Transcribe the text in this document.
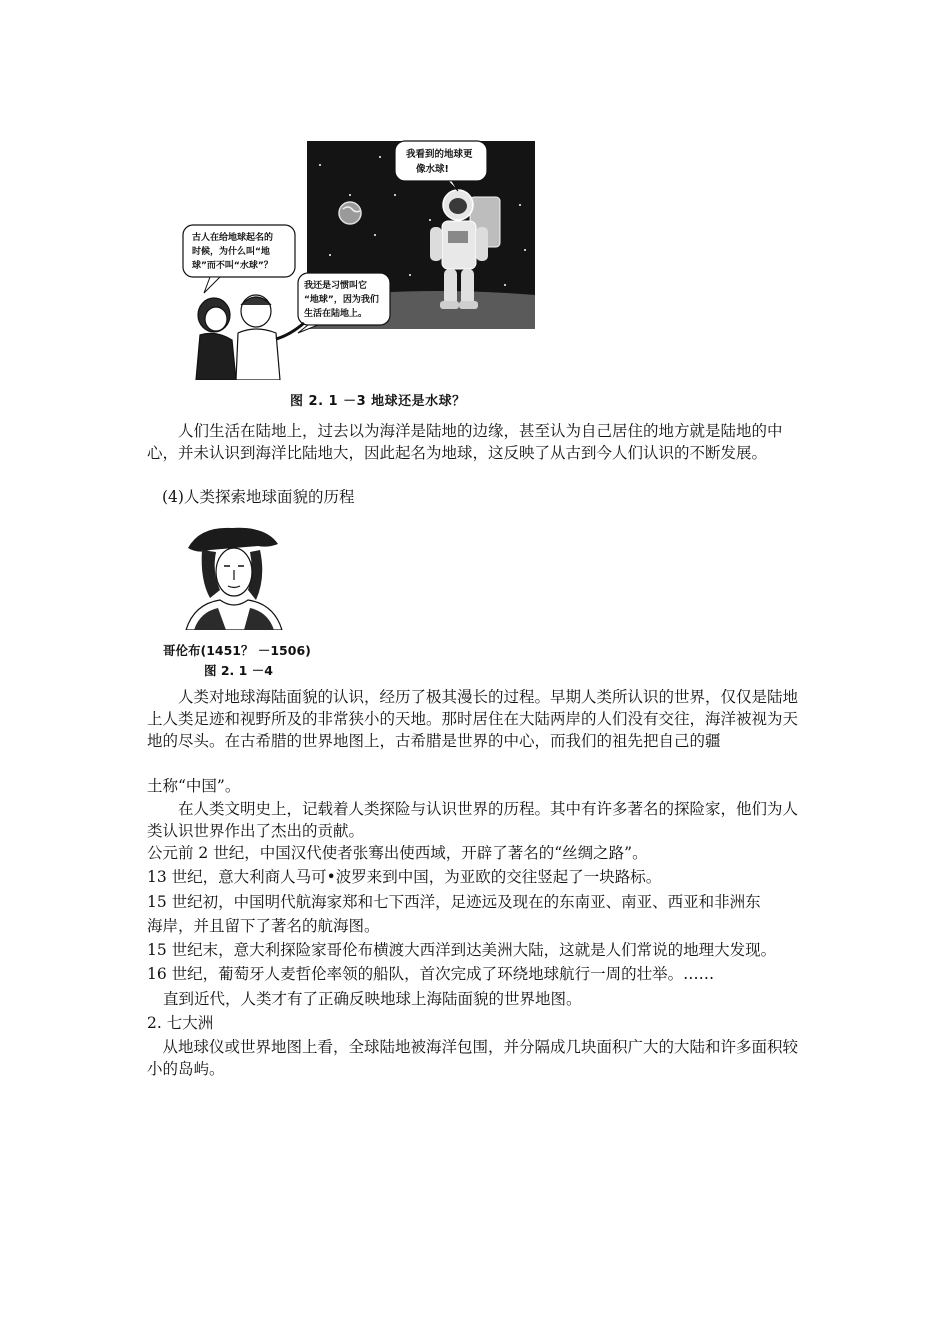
我看到的地球更 像水球!
古人在给地球起名的 时候，为什么叫“地 球”而不叫“水球”？
我还是习惯叫它 “地球”，因为我们 生活在陆地上。
图 2. 1 －3 地球还是水球？

人们生活在陆地上，过去以为海洋是陆地的边缘，甚至认为自己居住的地方就是陆地的中心，并未认识到海洋比陆地大，因此起名为地球，这反映了从古到今人们认识的不断发展。

(4)人类探索地球面貌的历程

哥伦布(1451？ －1506)
图 2. 1 －4

人类对地球海陆面貌的认识，经历了极其漫长的过程。早期人类所认识的世界，仅仅是陆地上人类足迹和视野所及的非常狭小的天地。那时居住在大陆两岸的人们没有交往，海洋被视为天地的尽头。在古希腊的世界地图上，古希腊是世界的中心，而我们的祖先把自己的疆

土称“中国”。

在人类文明史上，记载着人类探险与认识世界的历程。其中有许多著名的探险家，他们为人类认识世界作出了杰出的贡献。

公元前 2 世纪，中国汉代使者张骞出使西域，开辟了著名的“丝绸之路”。

13 世纪，意大利商人马可•波罗来到中国，为亚欧的交往竖起了一块路标。

15 世纪初，中国明代航海家郑和七下西洋，足迹远及现在的东南亚、南亚、西亚和非洲东

海岸，并且留下了著名的航海图。

15 世纪末，意大利探险家哥伦布横渡大西洋到达美洲大陆，这就是人们常说的地理大发现。

16 世纪，葡萄牙人麦哲伦率领的船队，首次完成了环绕地球航行一周的壮举。……

直到近代，人类才有了正确反映地球上海陆面貌的世界地图。

2. 七大洲

从地球仪或世界地图上看，全球陆地被海洋包围，并分隔成几块面积广大的大陆和许多面积较小的岛屿。
